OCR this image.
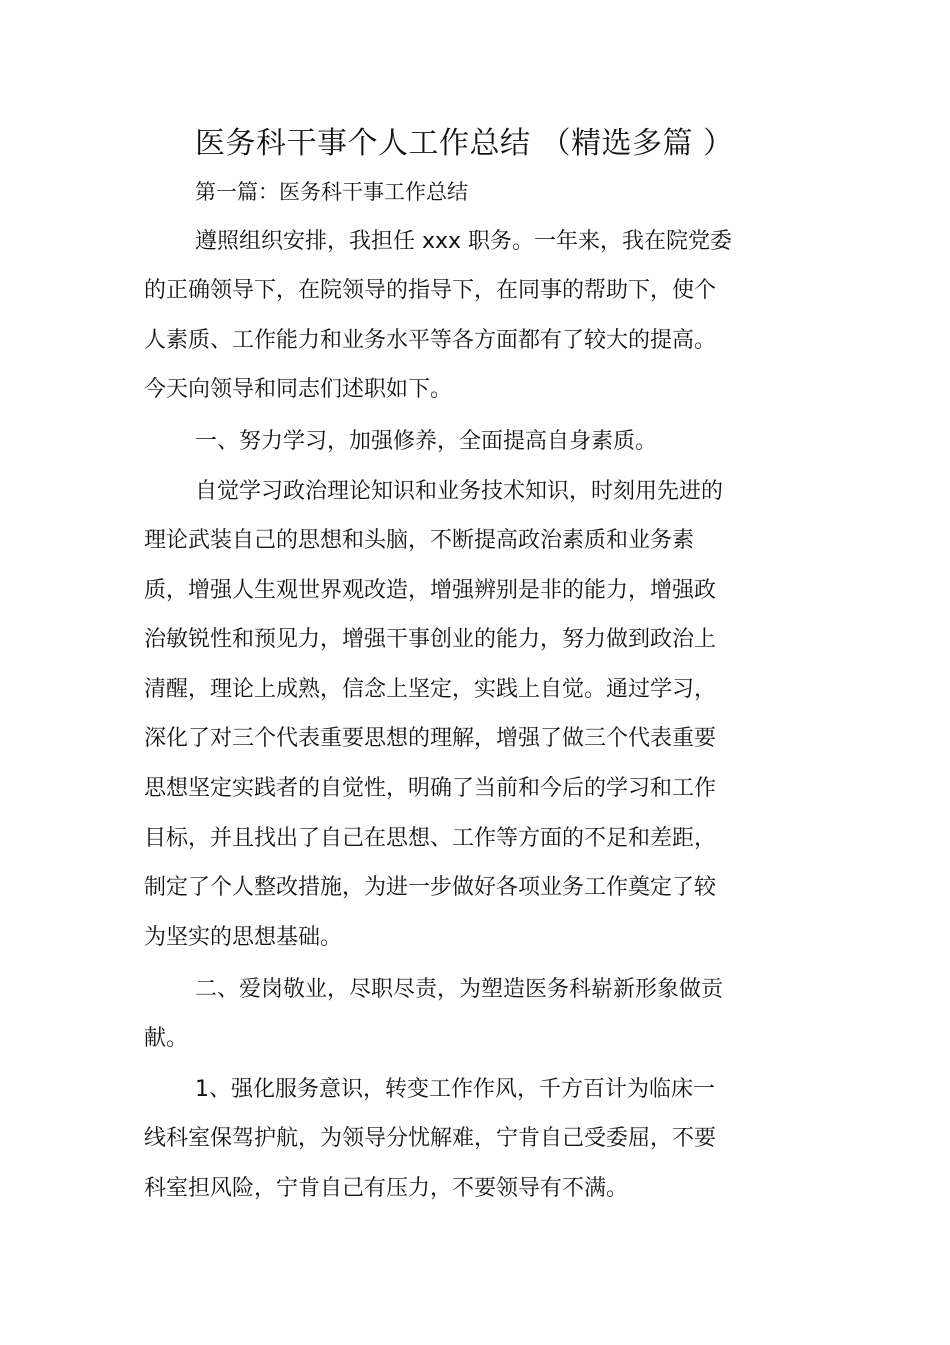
医务科干事个人工作总结 （精选多篇 ）
第一篇：医务科干事工作总结
遵照组织安排，我担任 xxx 职务。一年来，我在院党委
的正确领导下，在院领导的指导下，在同事的帮助下，使个
人素质、工作能力和业务水平等各方面都有了较大的提高。
今天向领导和同志们述职如下。
一、努力学习，加强修养，全面提高自身素质。
自觉学习政治理论知识和业务技术知识，时刻用先进的
理论武装自己的思想和头脑，不断提高政治素质和业务素
质，增强人生观世界观改造，增强辨别是非的能力，增强政
治敏锐性和预见力，增强干事创业的能力，努力做到政治上
清醒，理论上成熟，信念上坚定，实践上自觉。通过学习，
深化了对三个代表重要思想的理解，增强了做三个代表重要
思想坚定实践者的自觉性，明确了当前和今后的学习和工作
目标，并且找出了自己在思想、工作等方面的不足和差距，
制定了个人整改措施，为进一步做好各项业务工作奠定了较
为坚实的思想基础。
二、爱岗敬业，尽职尽责，为塑造医务科崭新形象做贡
献。
1、强化服务意识，转变工作作风，千方百计为临床一
线科室保驾护航，为领导分忧解难，宁肯自己受委屈，不要
科室担风险，宁肯自己有压力，不要领导有不满。
